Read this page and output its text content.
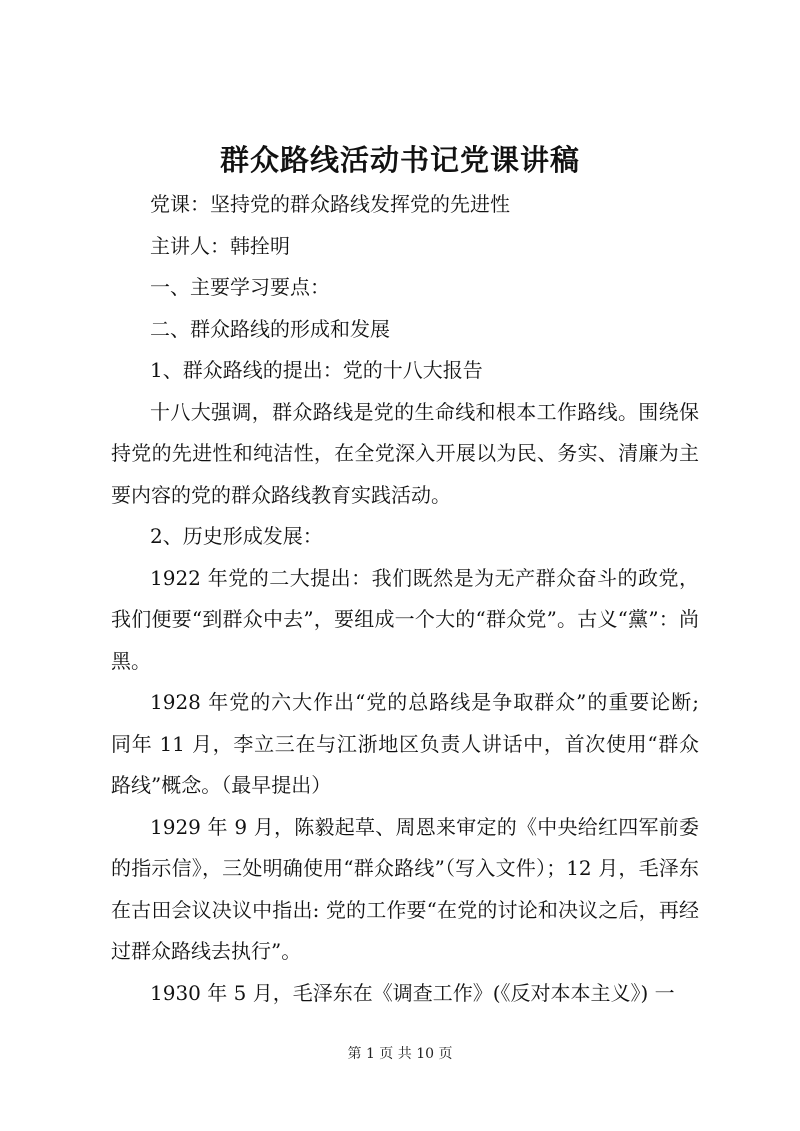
群众路线活动书记党课讲稿

党课：坚持党的群众路线发挥党的先进性

主讲人：韩拴明

一、主要学习要点：

二、群众路线的形成和发展

1、群众路线的提出：党的十八大报告

十八大强调，群众路线是党的生命线和根本工作路线。围绕保持党的先进性和纯洁性，在全党深入开展以为民、务实、清廉为主要内容的党的群众路线教育实践活动。

2、历史形成发展：

1922 年党的二大提出：我们既然是为无产群众奋斗的政党，我们便要“到群众中去”，要组成一个大的“群众党”。古义“黨”：尚黑。

1928 年党的六大作出“党的总路线是争取群众”的重要论断; 同年 11 月，李立三在与江浙地区负责人讲话中，首次使用“群众路线”概念。（最早提出）

1929 年 9 月，陈毅起草、周恩来审定的《中央给红四军前委的指示信》，三处明确使用“群众路线”（写入文件）；12 月，毛泽东在古田会议决议中指出: 党的工作要“在党的讨论和决议之后，再经过群众路线去执行”。

1930 年 5 月，毛泽东在《调查工作》(《反对本本主义》) 一

第 1 页 共 10 页
